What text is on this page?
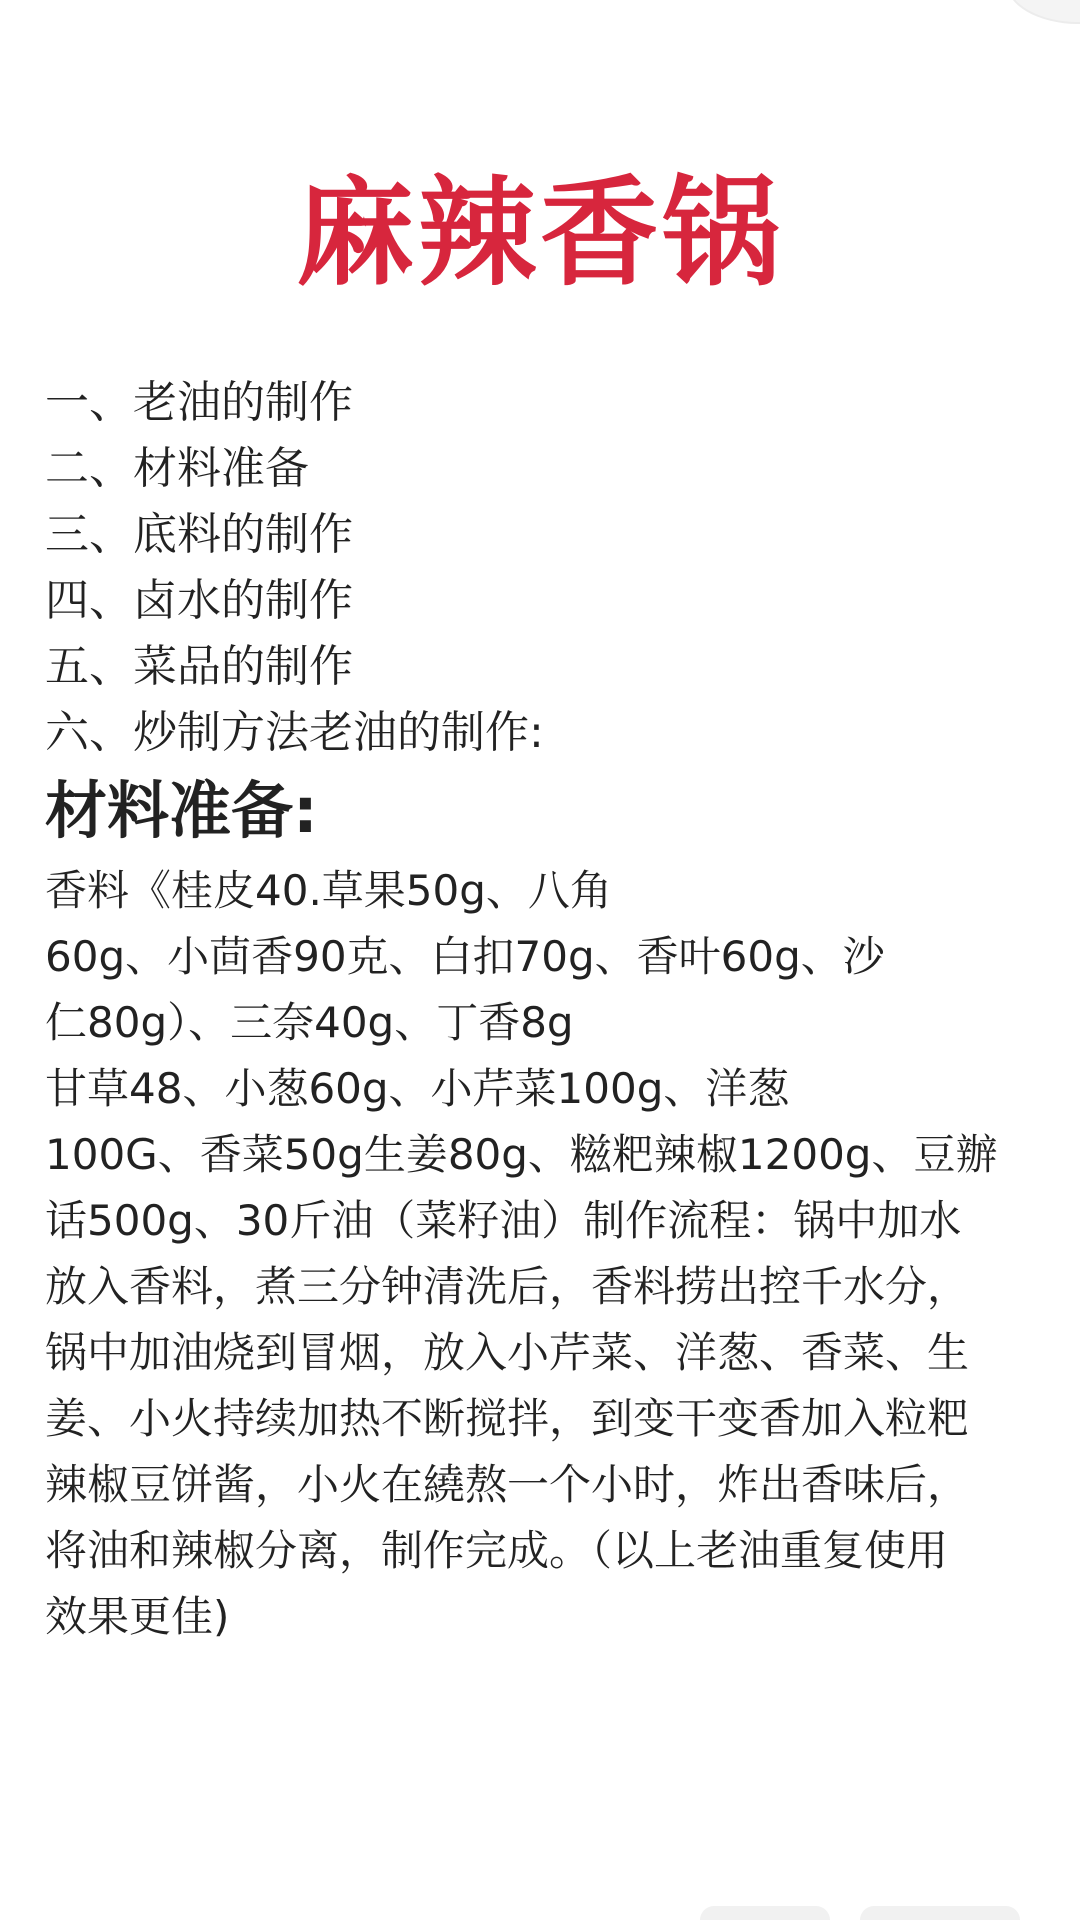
麻辣香锅
一、老油的制作
二、材料准备
三、底料的制作
四、卤水的制作
五、菜品的制作
六、炒制方法老油的制作:
材料准备:
香料《桂皮40.草果50g、八角
60g、小茴香90克、白扣70g、香叶60g、沙
仁80g）、三奈40g、丁香8g
甘草48、小葱60g、小芹菜100g、洋葱
100G、香菜50g生姜80g、糍粑辣椒1200g、豆辦
话500g、30斤油（菜籽油）制作流程：锅中加水
放入香料，煮三分钟清洗后，香料捞出控千水分，
锅中加油烧到冒烟，放入小芹菜、洋葱、香菜、生
姜、小火持续加热不断搅拌，到变干变香加入粒粑
辣椒豆饼酱，小火在繞熬一个小时，炸出香味后，
将油和辣椒分离，制作完成。（以上老油重复使用
效果更佳)
